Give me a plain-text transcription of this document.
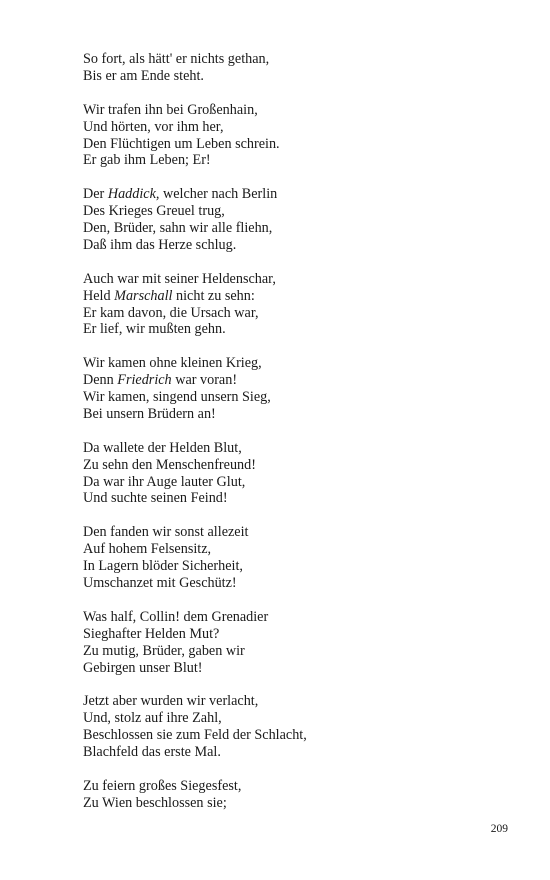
So fort, als hätt' er nichts gethan,
Bis er am Ende steht.
Wir trafen ihn bei Großenhain,
Und hörten, vor ihm her,
Den Flüchtigen um Leben schrein.
Er gab ihm Leben; Er!
Der Haddick, welcher nach Berlin
Des Krieges Greuel trug,
Den, Brüder, sahn wir alle fliehn,
Daß ihm das Herze schlug.
Auch war mit seiner Heldenschar,
Held Marschall nicht zu sehn:
Er kam davon, die Ursach war,
Er lief, wir mußten gehn.
Wir kamen ohne kleinen Krieg,
Denn Friedrich war voran!
Wir kamen, singend unsern Sieg,
Bei unsern Brüdern an!
Da wallete der Helden Blut,
Zu sehn den Menschenfreund!
Da war ihr Auge lauter Glut,
Und suchte seinen Feind!
Den fanden wir sonst allezeit
Auf hohem Felsensitz,
In Lagern blöder Sicherheit,
Umschanzet mit Geschütz!
Was half, Collin! dem Grenadier
Sieghafter Helden Mut?
Zu mutig, Brüder, gaben wir
Gebirgen unser Blut!
Jetzt aber wurden wir verlacht,
Und, stolz auf ihre Zahl,
Beschlossen sie zum Feld der Schlacht,
Blachfeld das erste Mal.
Zu feiern großes Siegesfest,
Zu Wien beschlossen sie;
209
